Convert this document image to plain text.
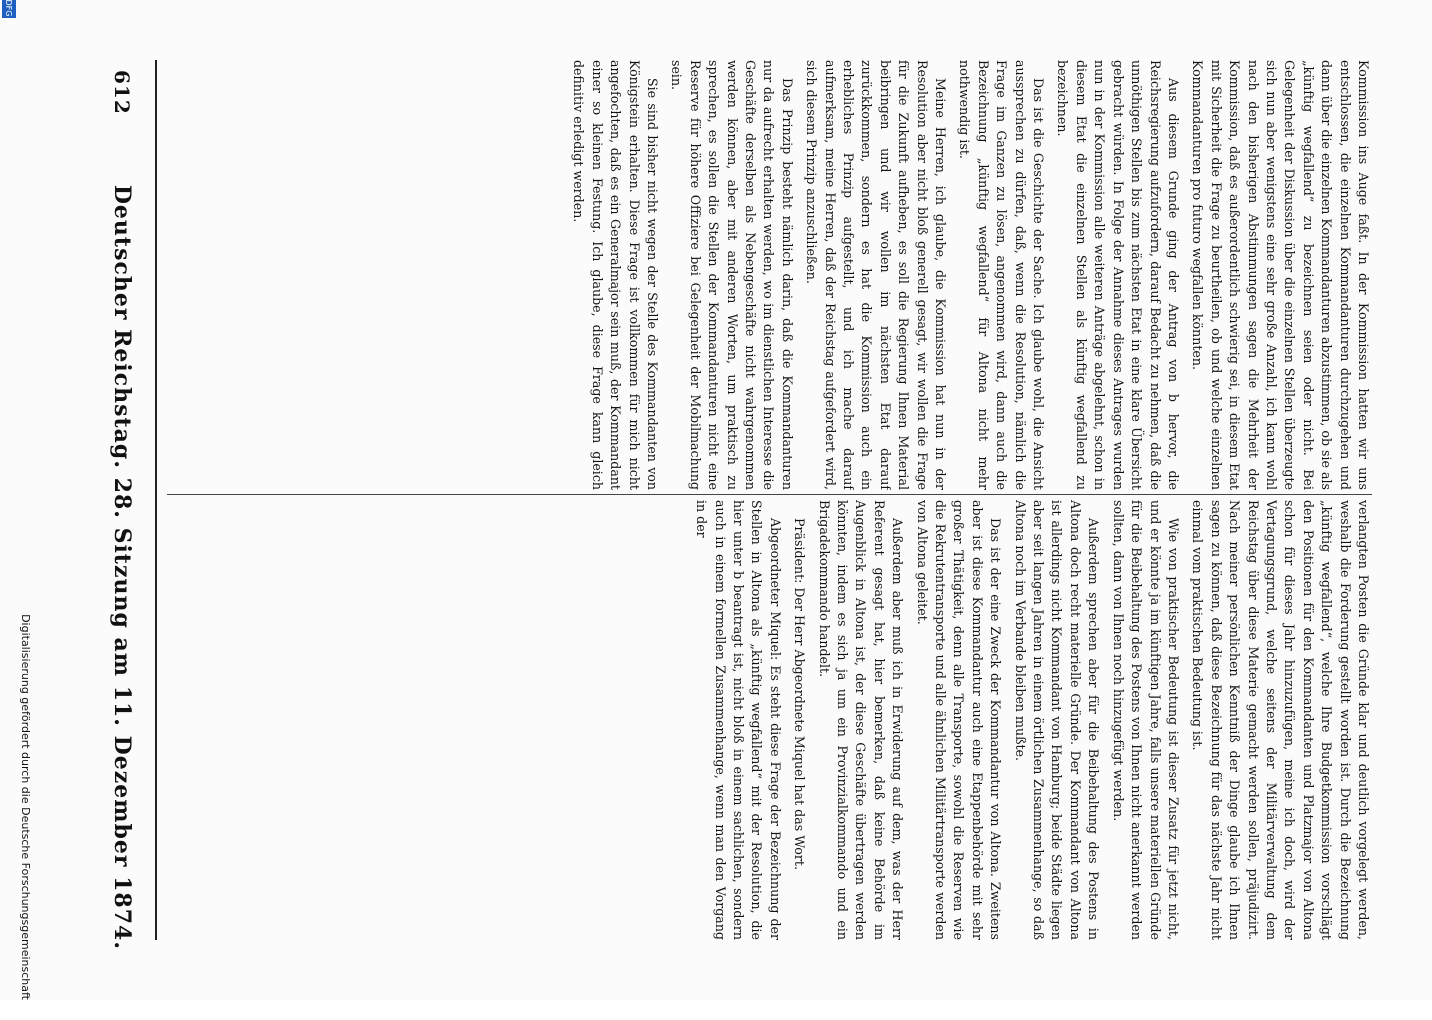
612
Deutscher Reichstag. 28. Sitzung am 11. Dezember 1874.	Kommission ins Auge faßt. In der Kommission hatten wir uns entschlossen, die einzelnen Kommandanturen durchzugehen und dann über die einzelnen Kommandanturen abzustimmen, ob sie als „künftig wegfallend“ zu bezeichnen seien oder nicht. Bei Gelegenheit der Diskussion über die einzelnen Stellen überzeugte sich nun aber wenigstens eine sehr große Anzahl, ich kann wohl nach den bisherigen Abstimmungen sagen die Mehrheit der Kommission, daß es außerordentlich schwierig sei, in diesem Etat mit Sicherheit die Frage zu beurtheilen, ob und welche einzelnen Kommandanturen pro futuro wegfallen könnten.

Aus diesem Grunde ging der Antrag von b hervor, die Reichsregierung aufzufordern, darauf Bedacht zu nehmen, daß die unnöthigen Stellen bis zum nächsten Etat in eine klare Übersicht gebracht würden. In Folge der Annahme dieses Antrages wurden nun in der Kommission alle weiteren Anträge abgelehnt, schon in diesem Etat die einzelnen Stellen als künftig wegfallend zu bezeichnen.

Das ist die Geschichte der Sache. Ich glaube wohl, die Ansicht aussprechen zu dürfen, daß, wenn die Resolution, nämlich die Frage im Ganzen zu lösen, angenommen wird, dann auch die Bezeichnung „künftig wegfallend“ für Altona nicht mehr nothwendig ist.

Meine Herren, ich glaube, die Kommission hat nun in der Resolution aber nicht bloß generell gesagt, wir wollen die Frage für die Zukunft aufheben, es soll die Regierung Ihnen Material beibringen und wir wollen im nächsten Etat darauf zurückkommen, sondern es hat die Kommission auch ein erhebliches Prinzip aufgestellt, und ich mache darauf aufmerksam, meine Herren, daß der Reichstag aufgefordert wird, sich diesem Prinzip anzuschließen.

Das Prinzip besteht nämlich darin, daß die Kommandanturen nur da aufrecht erhalten werden, wo im dienstlichen Interesse die Geschäfte derselben als Nebengeschäfte nicht wahrgenommen werden können, aber mit anderen Worten, um praktisch zu sprechen, es sollen die Stellen der Kommandanturen nicht eine Reserve für höhere Offiziere bei Gelegenheit der Mobilmachung sein.

Sie sind bisher nicht wegen der Stelle des Kommandanten von Königstein erhalten. Diese Frage ist vollkommen für mich nicht angefochten, daß es ein Generalmajor sein muß, der Kommandant einer so kleinen Festung. Ich glaube, diese Frage kann gleich definitiv erledigt werden.

verlangten Posten die Gründe klar und deutlich vorgelegt werden, weshalb die Forderung gestellt worden ist. Durch die Bezeichnung „künftig wegfallend“, welche Ihre Budgetkommission vorschlägt den Positionen für den Kommandanten und Platzmajor von Altona schon für dieses Jahr hinzuzufügen, meine ich doch, wird der Vertagungsgrund, welche seitens der Militärverwaltung dem Reichstag über diese Materie gemacht werden sollen, präjudizirt. Nach meiner persönlichen Kenntniß der Dinge glaube ich Ihnen sagen zu können, daß diese Bezeichnung für das nächste Jahr nicht einmal vom praktischen Bedeutung ist.

Wie von praktischer Bedeutung ist dieser Zusatz für jetzt nicht, und er könnte ja im künftigen Jahre, falls unsere materiellen Gründe für die Beibehaltung des Postens von Ihnen nicht anerkannt werden sollten, dann von Ihnen noch hinzugefügt werden.

Außerdem sprechen aber für die Beibehaltung des Postens in Altona doch recht materielle Gründe. Der Kommandant von Altona ist allerdings nicht Kommandant von Hamburg; beide Städte liegen aber seit langen Jahren in einem örtlichen Zusammenhange, so daß Altona noch im Verbande bleiben mußte.

Das ist der eine Zweck der Kommandantur von Altona. Zweitens aber ist diese Kommandantur auch eine Etappenbehörde mit sehr großer Thätigkeit, denn alle Transporte, sowohl die Reserven wie die Rekrutentransporte und alle ähnlichen Militärtransporte werden von Altona geleitet.

Außerdem aber muß ich in Erwiderung auf dem, was der Herr Referent gesagt hat, hier bemerken, daß keine Behörde im Augenblick in Altona ist, der diese Geschäfte übertragen werden könnten, indem es sich ja um ein Provinzialkommando und ein Brigadekommando handelt.

Präsident: Der Herr Abgeordnete Miquel hat das Wort.

Abgeordneter Miquel: Es steht diese Frage der Bezeichnung der Stellen in Altona als „künftig wegfallend“ mit der Resolution, die hier unter b beantragt ist, nicht bloß in einem sachlichen, sondern auch in einem formellen Zusammenhange, wenn man den Vorgang in der

Digitalisierung gefördert durch die Deutsche Forschungsgemeinschaft
DFG
